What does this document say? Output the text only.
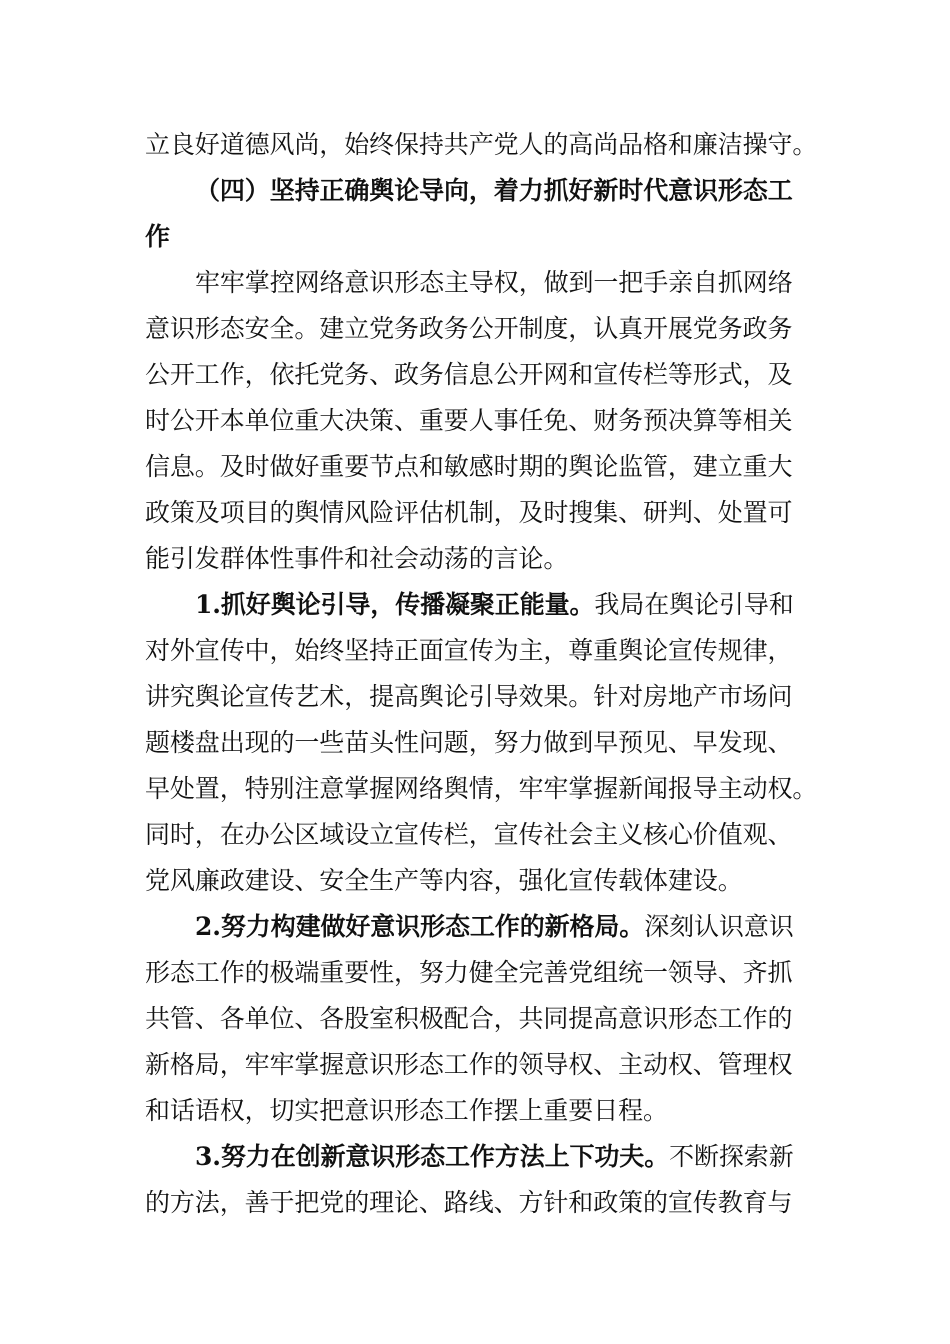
立良好道德风尚，始终保持共产党人的高尚品格和廉洁操守。
（四）坚持正确舆论导向，着力抓好新时代意识形态工
作
牢牢掌控网络意识形态主导权，做到一把手亲自抓网络
意识形态安全。建立党务政务公开制度，认真开展党务政务
公开工作，依托党务、政务信息公开网和宣传栏等形式，及
时公开本单位重大决策、重要人事任免、财务预决算等相关
信息。及时做好重要节点和敏感时期的舆论监管，建立重大
政策及项目的舆情风险评估机制，及时搜集、研判、处置可
能引发群体性事件和社会动荡的言论。
1.抓好舆论引导，传播凝聚正能量。我局在舆论引导和
对外宣传中，始终坚持正面宣传为主，尊重舆论宣传规律，
讲究舆论宣传艺术，提高舆论引导效果。针对房地产市场问
题楼盘出现的一些苗头性问题，努力做到早预见、早发现、
早处置，特别注意掌握网络舆情，牢牢掌握新闻报导主动权。
同时，在办公区域设立宣传栏，宣传社会主义核心价值观、
党风廉政建设、安全生产等内容，强化宣传载体建设。
2.努力构建做好意识形态工作的新格局。深刻认识意识
形态工作的极端重要性，努力健全完善党组统一领导、齐抓
共管、各单位、各股室积极配合，共同提高意识形态工作的
新格局，牢牢掌握意识形态工作的领导权、主动权、管理权
和话语权，切实把意识形态工作摆上重要日程。
3.努力在创新意识形态工作方法上下功夫。不断探索新
的方法，善于把党的理论、路线、方针和政策的宣传教育与
